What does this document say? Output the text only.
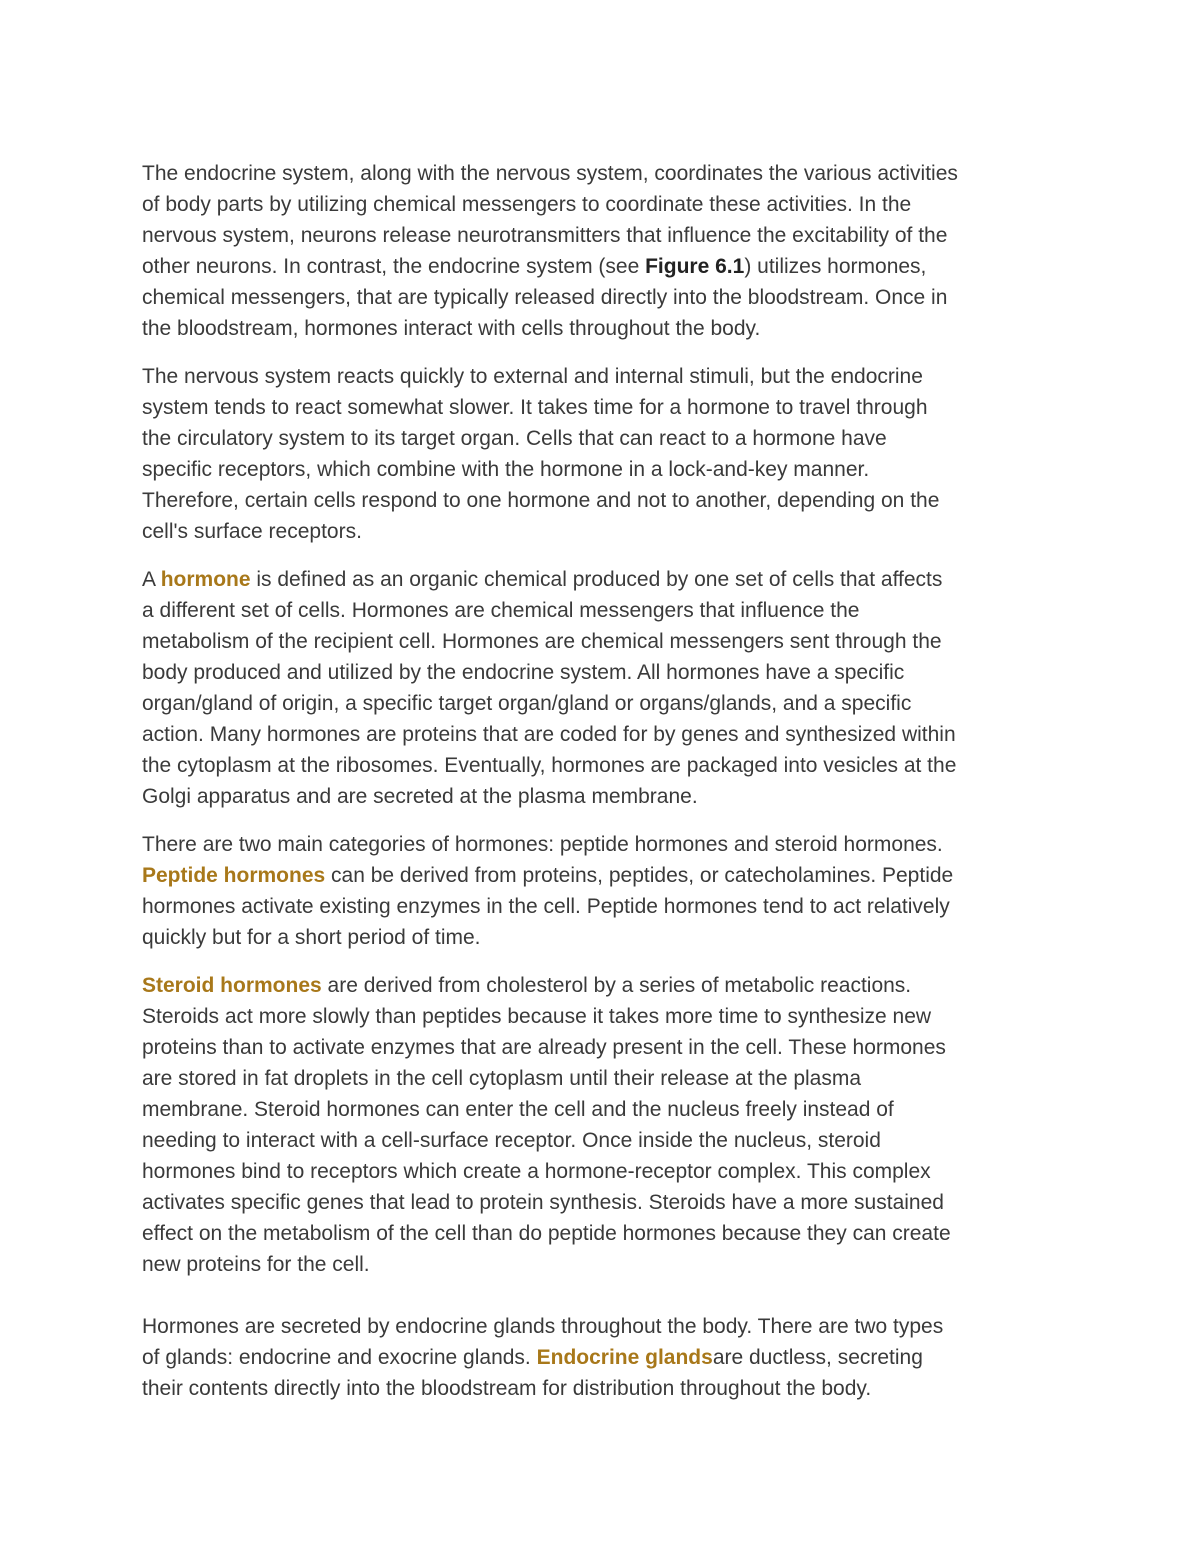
The endocrine system, along with the nervous system, coordinates the various activities
of body parts by utilizing chemical messengers to coordinate these activities. In the
nervous system, neurons release neurotransmitters that influence the excitability of the
other neurons. In contrast, the endocrine system (see Figure 6.1) utilizes hormones,
chemical messengers, that are typically released directly into the bloodstream. Once in
the bloodstream, hormones interact with cells throughout the body.

The nervous system reacts quickly to external and internal stimuli, but the endocrine
system tends to react somewhat slower. It takes time for a hormone to travel through
the circulatory system to its target organ. Cells that can react to a hormone have
specific receptors, which combine with the hormone in a lock-and-key manner.
Therefore, certain cells respond to one hormone and not to another, depending on the
cell's surface receptors.

A hormone is defined as an organic chemical produced by one set of cells that affects
a different set of cells. Hormones are chemical messengers that influence the
metabolism of the recipient cell. Hormones are chemical messengers sent through the
body produced and utilized by the endocrine system. All hormones have a specific
organ/gland of origin, a specific target organ/gland or organs/glands, and a specific
action. Many hormones are proteins that are coded for by genes and synthesized within
the cytoplasm at the ribosomes. Eventually, hormones are packaged into vesicles at the
Golgi apparatus and are secreted at the plasma membrane.

There are two main categories of hormones: peptide hormones and steroid hormones.
Peptide hormones can be derived from proteins, peptides, or catecholamines. Peptide
hormones activate existing enzymes in the cell. Peptide hormones tend to act relatively
quickly but for a short period of time.

Steroid hormones are derived from cholesterol by a series of metabolic reactions.
Steroids act more slowly than peptides because it takes more time to synthesize new
proteins than to activate enzymes that are already present in the cell. These hormones
are stored in fat droplets in the cell cytoplasm until their release at the plasma
membrane. Steroid hormones can enter the cell and the nucleus freely instead of
needing to interact with a cell-surface receptor. Once inside the nucleus, steroid
hormones bind to receptors which create a hormone-receptor complex. This complex
activates specific genes that lead to protein synthesis. Steroids have a more sustained
effect on the metabolism of the cell than do peptide hormones because they can create
new proteins for the cell.

Hormones are secreted by endocrine glands throughout the body. There are two types
of glands: endocrine and exocrine glands. Endocrine glandsare ductless, secreting
their contents directly into the bloodstream for distribution throughout the body.
